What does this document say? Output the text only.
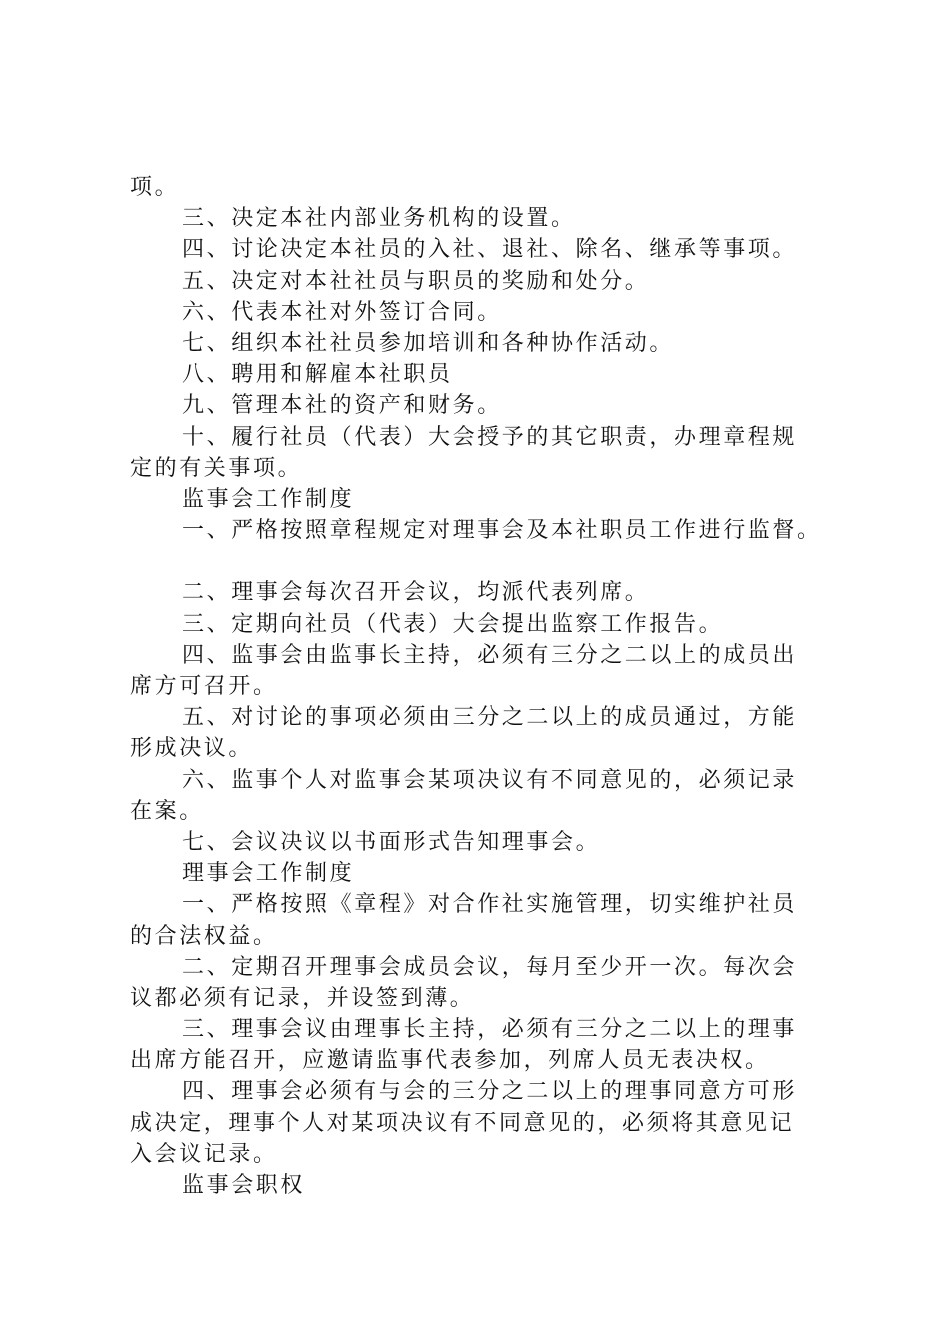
项。
三、决定本社内部业务机构的设置。
四、讨论决定本社员的入社、退社、除名、继承等事项。
五、决定对本社社员与职员的奖励和处分。
六、代表本社对外签订合同。
七、组织本社社员参加培训和各种协作活动。
八、聘用和解雇本社职员
九、管理本社的资产和财务。
十、履行社员（代表）大会授予的其它职责，办理章程规
定的有关事项。
监事会工作制度
一、严格按照章程规定对理事会及本社职员工作进行监督。
二、理事会每次召开会议，均派代表列席。
三、定期向社员（代表）大会提出监察工作报告。
四、监事会由监事长主持，必须有三分之二以上的成员出
席方可召开。
五、对讨论的事项必须由三分之二以上的成员通过，方能
形成决议。
六、监事个人对监事会某项决议有不同意见的，必须记录
在案。
七、会议决议以书面形式告知理事会。
理事会工作制度
一、严格按照《章程》对合作社实施管理，切实维护社员
的合法权益。
二、定期召开理事会成员会议，每月至少开一次。每次会
议都必须有记录，并设签到薄。
三、理事会议由理事长主持，必须有三分之二以上的理事
出席方能召开，应邀请监事代表参加，列席人员无表决权。
四、理事会必须有与会的三分之二以上的理事同意方可形
成决定，理事个人对某项决议有不同意见的，必须将其意见记
入会议记录。
监事会职权
